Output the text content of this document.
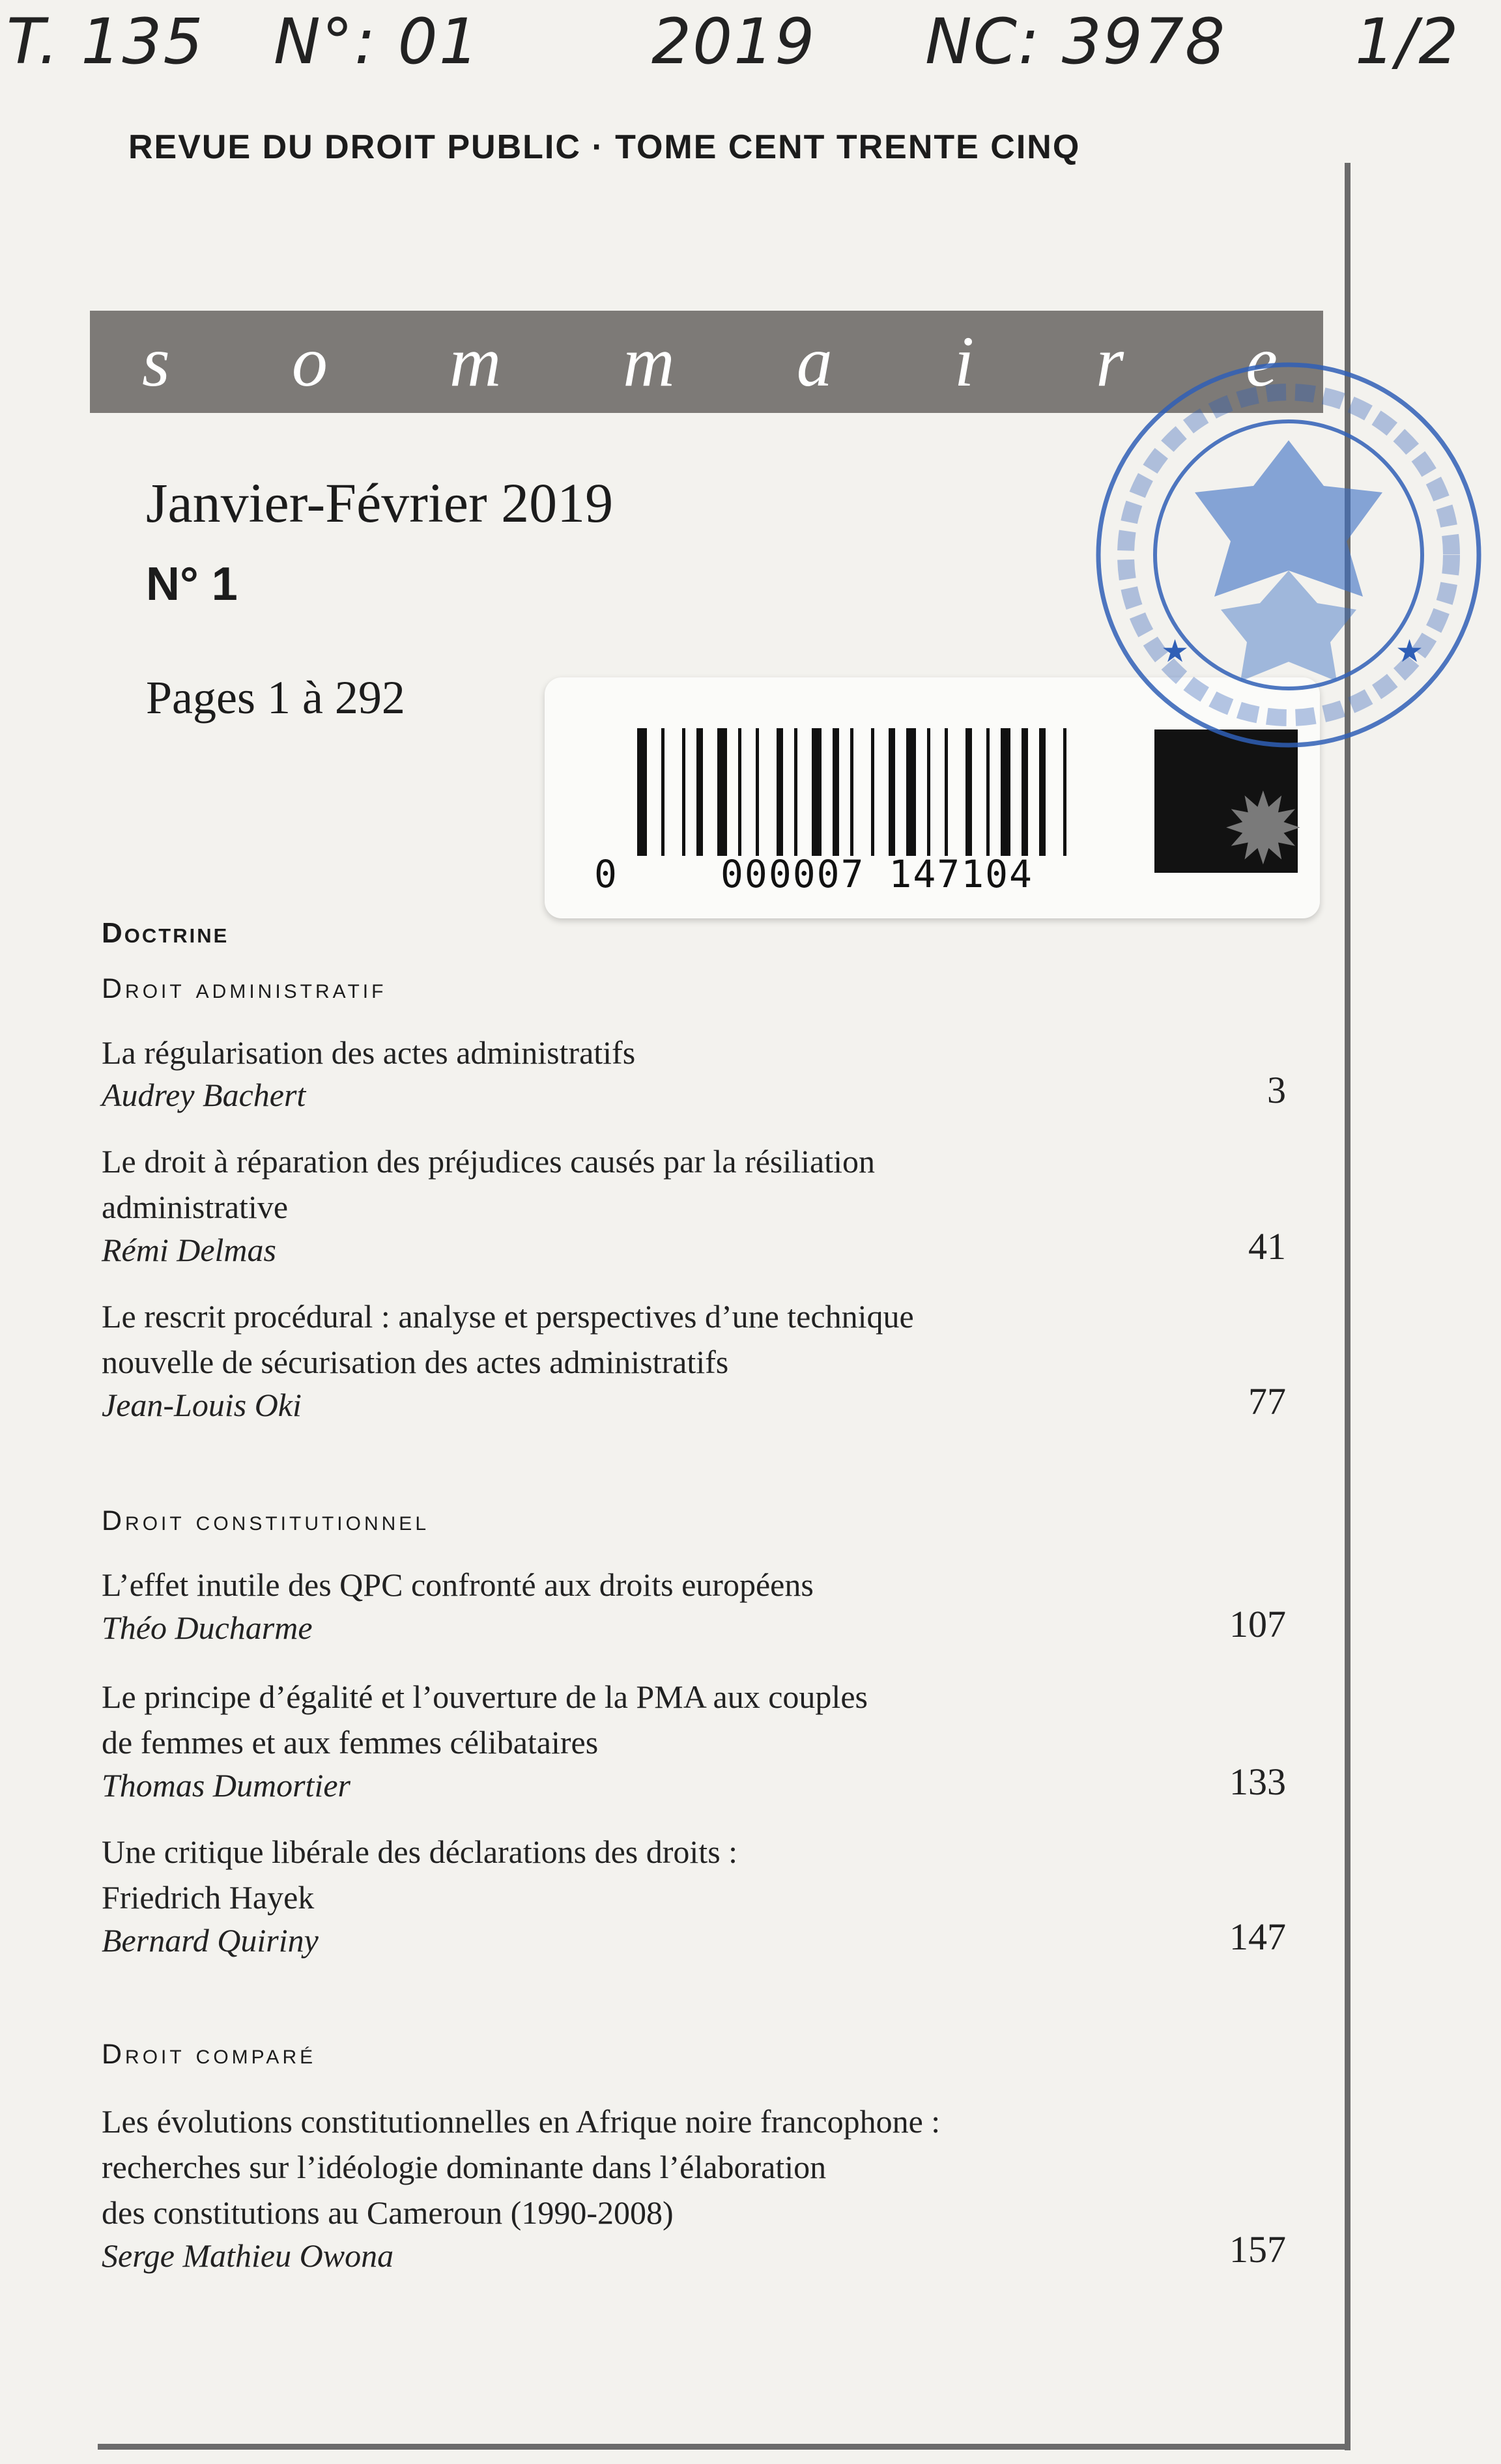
T. 135 N°: 01	2019 NC: 3978 1/2
REVUE DU DROIT PUBLIC · TOME CENT TRENTE CINQ
s o m m a i r e
Janvier-Février 2019
N° 1
Pages 1 à 292
0	000007 147104 ✹
★	★
Doctrine
Droit administratif
La régularisation des actes administratifs
Audrey Bachert	3
Le droit à réparation des préjudices causés par la résiliation
administrative
Rémi Delmas	41
Le rescrit procédural : analyse et perspectives d’une technique
nouvelle de sécurisation des actes administratifs
Jean-Louis Oki	77
Droit constitutionnel
L’effet inutile des QPC confronté aux droits européens
Théo Ducharme	107
Le principe d’égalité et l’ouverture de la PMA aux couples
de femmes et aux femmes célibataires
Thomas Dumortier	133
Une critique libérale des déclarations des droits :
Friedrich Hayek
Bernard Quiriny	147
Droit comparé
Les évolutions constitutionnelles en Afrique noire francophone :
recherches sur l’idéologie dominante dans l’élaboration
des constitutions au Cameroun (1990-2008)
Serge Mathieu Owona	157
